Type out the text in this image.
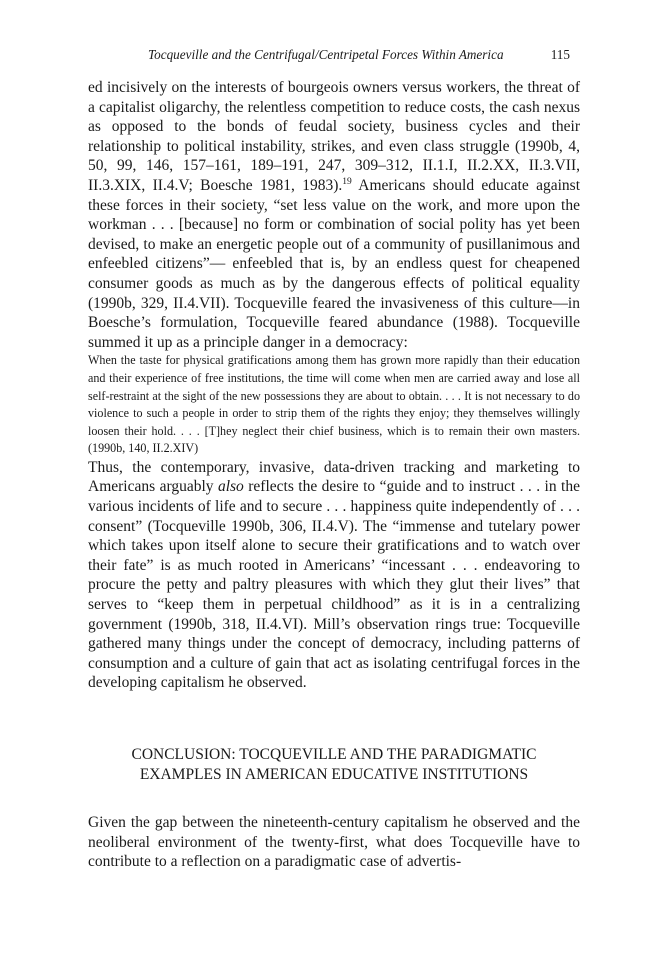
Tocqueville and the Centrifugal/Centripetal Forces Within America	115

ed incisively on the interests of bourgeois owners versus workers, the threat of a capitalist oligarchy, the relentless competition to reduce costs, the cash nexus as opposed to the bonds of feudal society, business cycles and their relationship to political instability, strikes, and even class struggle (1990b, 4, 50, 99, 146, 157–161, 189–191, 247, 309–312, II.1.I, II.2.XX, II.3.VII, II.3.XIX, II.4.V; Boesche 1981, 1983).$^{19}$ Americans should educate against these forces in their society, “set less value on the work, and more upon the workman . . . [because] no form or combination of social polity has yet been devised, to make an energetic people out of a community of pusillanimous and enfeebled citizens”— enfeebled that is, by an endless quest for cheapened consumer goods as much as by the dangerous effects of political equality (1990b, 329, II.4.VII). Tocqueville feared the invasiveness of this culture—in Boesche’s formulation, Tocqueville feared abundance (1988). Tocqueville summed it up as a principle danger in a democracy:

When the taste for physical gratifications among them has grown more rapidly than their education and their experience of free institutions, the time will come when men are carried away and lose all self-restraint at the sight of the new possessions they are about to obtain. . . . It is not necessary to do violence to such a people in order to strip them of the rights they enjoy; they themselves willingly loosen their hold. . . . [T]hey neglect their chief business, which is to remain their own masters. (1990b, 140, II.2.XIV)

Thus, the contemporary, invasive, data-driven tracking and marketing to Americans arguably also reflects the desire to “guide and to instruct . . . in the various incidents of life and to secure . . . happiness quite independently of . . . consent” (Tocqueville 1990b, 306, II.4.V). The “immense and tutelary power which takes upon itself alone to secure their gratifications and to watch over their fate” is as much rooted in Americans’ “incessant . . . endeavoring to procure the petty and paltry pleasures with which they glut their lives” that serves to “keep them in perpetual childhood” as it is in a centralizing government (1990b, 318, II.4.VI). Mill’s observation rings true: Tocqueville gathered many things under the concept of democracy, including patterns of consumption and a culture of gain that act as isolating centrifugal forces in the developing capitalism he observed.

CONCLUSION: TOCQUEVILLE AND THE PARADIGMATIC
EXAMPLES IN AMERICAN EDUCATIVE INSTITUTIONS

Given the gap between the nineteenth-century capitalism he observed and the neoliberal environment of the twenty-first, what does Tocqueville have to contribute to a reflection on a paradigmatic case of advertis-
